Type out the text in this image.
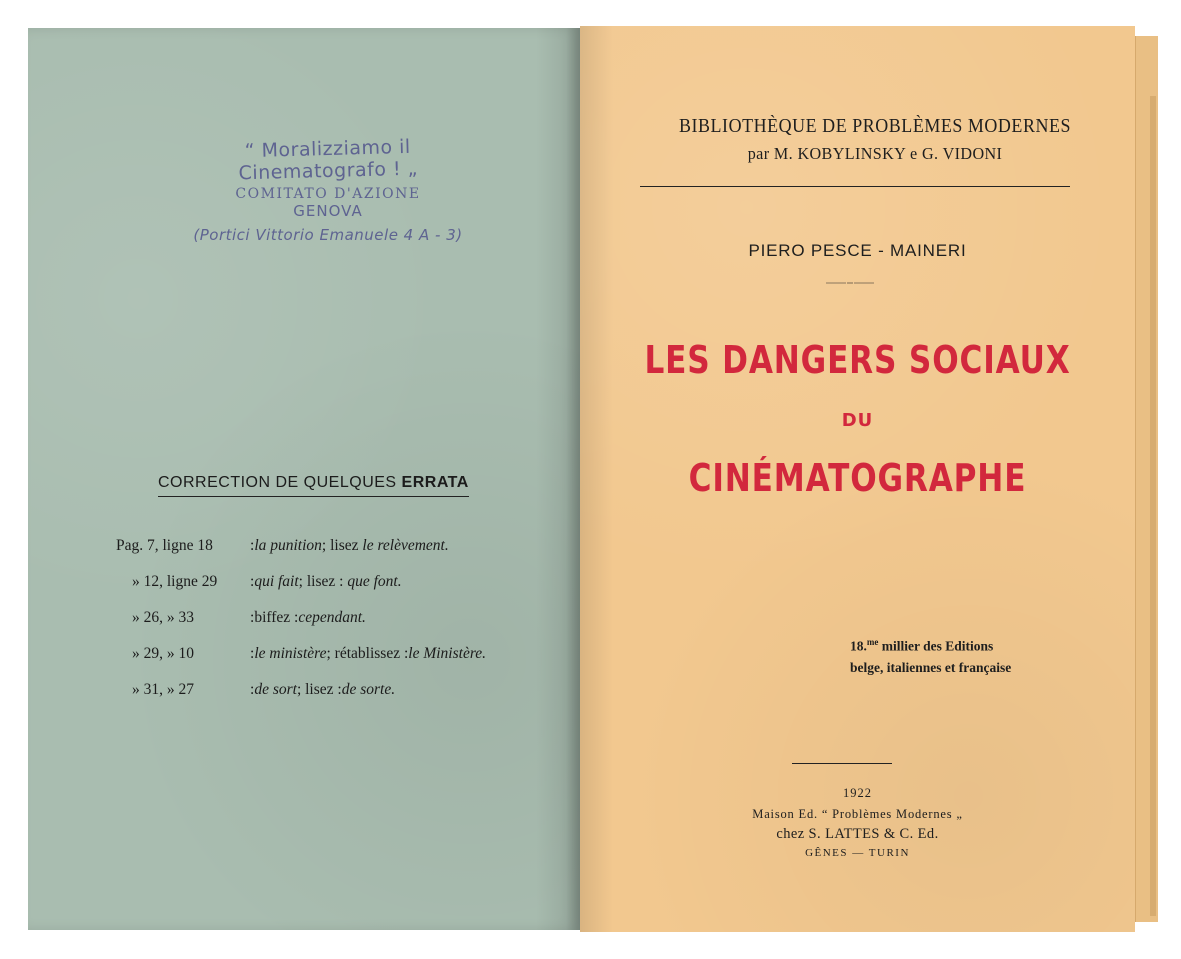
“ Moralizziamo il Cinematografo ! „
COMITATO D'AZIONE
GENOVA
(Portici Vittorio Emanuele 4 A - 3)
CORRECTION DE QUELQUES ERRATA
Pag. 7, ligne 18	: la punition ; lisez
le relèvement.
» 12, ligne 29	: qui fait ; lisez :
que font.
» 26, » 33	: biffez : cependant.
» 29, » 10	: le ministère ; rétablissez : le Ministère.
» 31, » 27	: de sort ; lisez : de sorte.
BIBLIOTHÈQUE DE PROBLÈMES MODERNES
par M. KOBYLINSKY e G. VIDONI
PIERO PESCE - MAINERI
LES DANGERS SOCIAUX
DU
CINÉMATOGRAPHE
18.$^{me}$ millier des Editions
belge, italiennes et française
1922
Maison Ed. “ Problèmes Modernes „
chez S. LATTES & C. Ed.
GÊNES — TURIN
